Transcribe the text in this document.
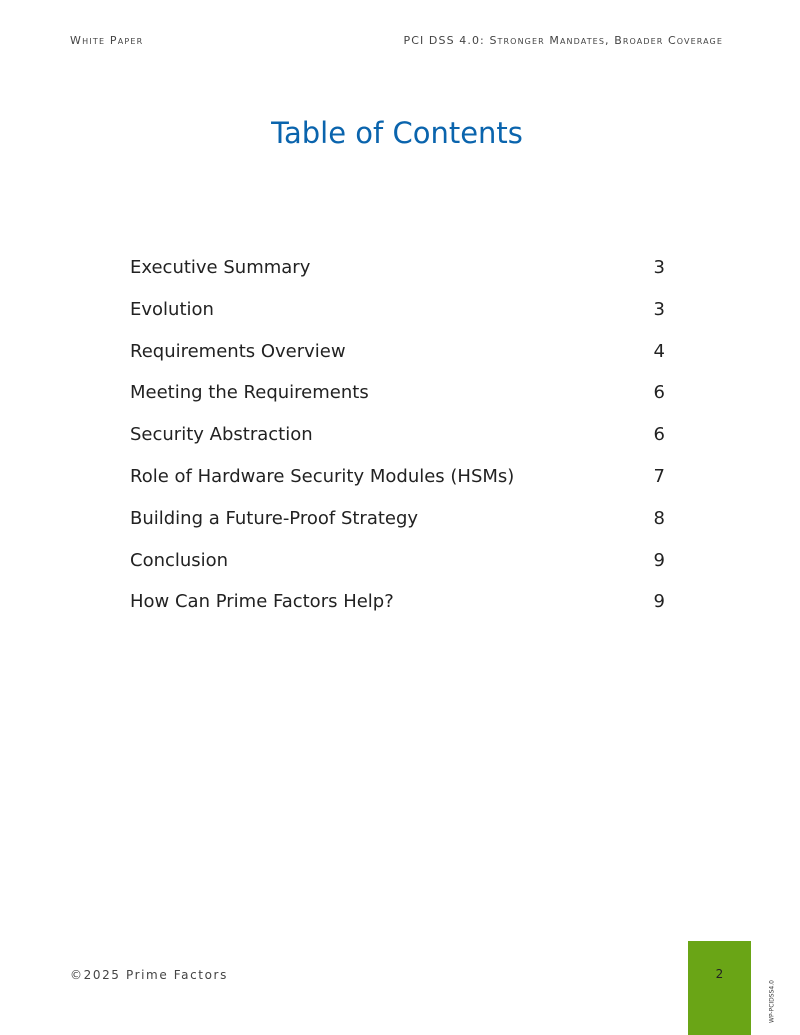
White Paper	PCI DSS 4.0: Stronger Mandates, Broader Coverage
Table of Contents
Executive Summary	3
Evolution	3
Requirements Overview	4
Meeting the Requirements	6
Security Abstraction	6
Role of Hardware Security Modules (HSMs)	7
Building a Future-Proof Strategy	8
Conclusion	9
How Can Prime Factors Help?	9
©2025 Prime Factors	2
WP-PCIDSS4.0
